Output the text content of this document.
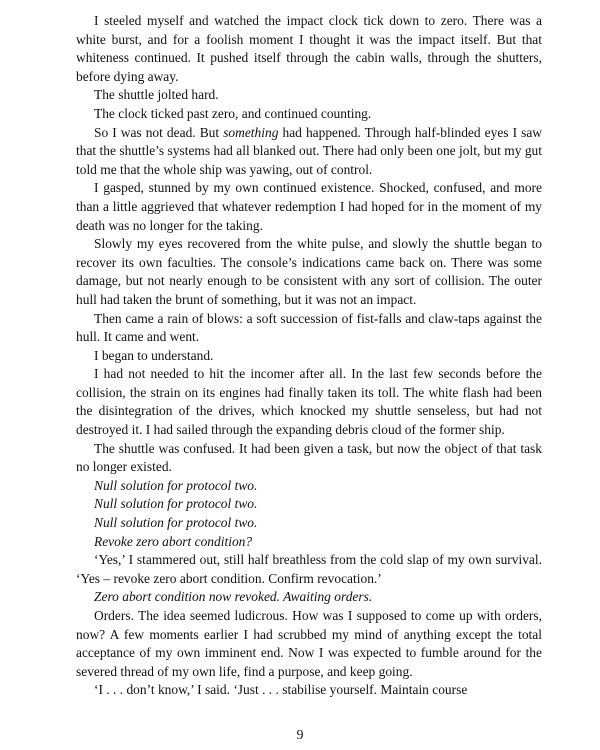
I steeled myself and watched the impact clock tick down to zero. There was a white burst, and for a foolish moment I thought it was the impact itself. But that whiteness continued. It pushed itself through the cabin walls, through the shutters, before dying away.

The shuttle jolted hard.

The clock ticked past zero, and continued counting.

So I was not dead. But something had happened. Through half-blinded eyes I saw that the shuttle’s systems had all blanked out. There had only been one jolt, but my gut told me that the whole ship was yawing, out of control.

I gasped, stunned by my own continued existence. Shocked, confused, and more than a little aggrieved that whatever redemption I had hoped for in the moment of my death was no longer for the taking.

Slowly my eyes recovered from the white pulse, and slowly the shuttle began to recover its own faculties. The console’s indications came back on. There was some damage, but not nearly enough to be consistent with any sort of collision. The outer hull had taken the brunt of something, but it was not an impact.

Then came a rain of blows: a soft succession of fist-falls and claw-taps against the hull. It came and went.

I began to understand.

I had not needed to hit the incomer after all. In the last few seconds before the collision, the strain on its engines had finally taken its toll. The white flash had been the disintegration of the drives, which knocked my shuttle senseless, but had not destroyed it. I had sailed through the expanding debris cloud of the former ship.

The shuttle was confused. It had been given a task, but now the object of that task no longer existed.

Null solution for protocol two.

Null solution for protocol two.

Null solution for protocol two.

Revoke zero abort condition?

‘Yes,’ I stammered out, still half breathless from the cold slap of my own survival. ‘Yes – revoke zero abort condition. Confirm revocation.’

Zero abort condition now revoked. Awaiting orders.

Orders. The idea seemed ludicrous. How was I supposed to come up with orders, now? A few moments earlier I had scrubbed my mind of anything except the total acceptance of my own imminent end. Now I was expected to fumble around for the severed thread of my own life, find a purpose, and keep going.

‘I . . . don’t know,’ I said. ‘Just . . . stabilise yourself. Maintain course

9
